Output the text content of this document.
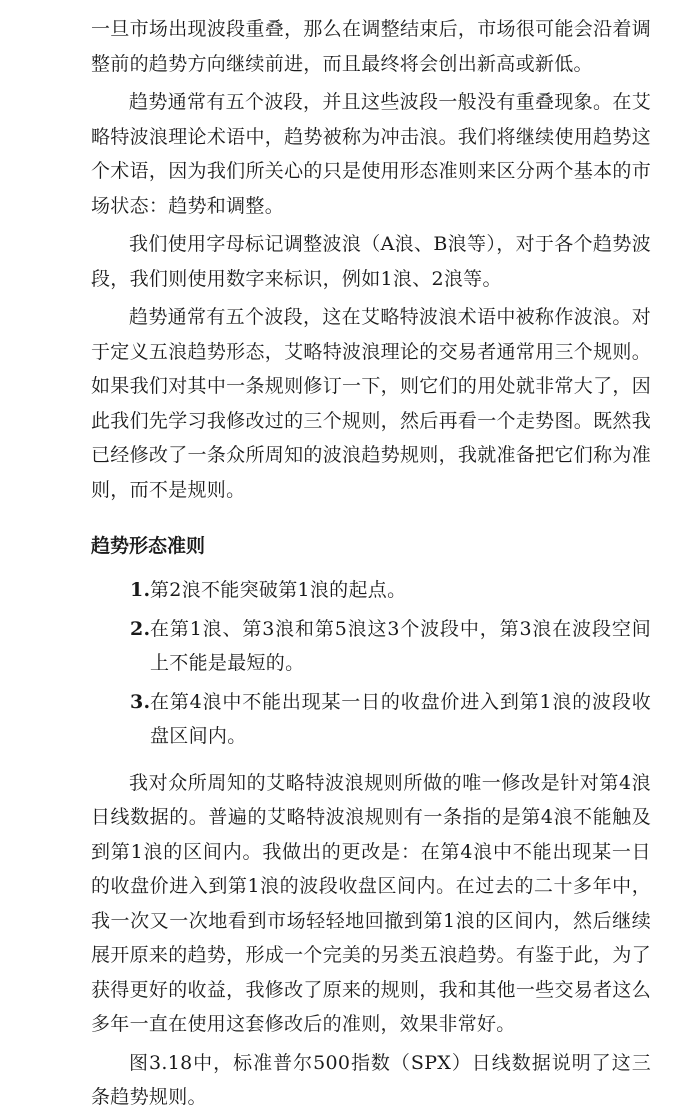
一旦市场出现波段重叠，那么在调整结束后，市场很可能会沿着调整前的趋势方向继续前进，而且最终将会创出新高或新低。

趋势通常有五个波段，并且这些波段一般没有重叠现象。在艾略特波浪理论术语中，趋势被称为冲击浪。我们将继续使用趋势这个术语，因为我们所关心的只是使用形态准则来区分两个基本的市场状态：趋势和调整。

我们使用字母标记调整波浪（A浪、B浪等），对于各个趋势波段，我们则使用数字来标识，例如1浪、2浪等。

趋势通常有五个波段，这在艾略特波浪术语中被称作波浪。对于定义五浪趋势形态，艾略特波浪理论的交易者通常用三个规则。如果我们对其中一条规则修订一下，则它们的用处就非常大了，因此我们先学习我修改过的三个规则，然后再看一个走势图。既然我已经修改了一条众所周知的波浪趋势规则，我就准备把它们称为准则，而不是规则。

趋势形态准则
1. 第2浪不能突破第1浪的起点。
2. 在第1浪、第3浪和第5浪这3个波段中，第3浪在波段空间上不能是最短的。
3. 在第4浪中不能出现某一日的收盘价进入到第1浪的波段收盘区间内。

我对众所周知的艾略特波浪规则所做的唯一修改是针对第4浪日线数据的。普遍的艾略特波浪规则有一条指的是第4浪不能触及到第1浪的区间内。我做出的更改是：在第4浪中不能出现某一日的收盘价进入到第1浪的波段收盘区间内。在过去的二十多年中，我一次又一次地看到市场轻轻地回撤到第1浪的区间内，然后继续展开原来的趋势，形成一个完美的另类五浪趋势。有鉴于此，为了获得更好的收益，我修改了原来的规则，我和其他一些交易者这么多年一直在使用这套修改后的准则，效果非常好。

图3.18中，标准普尔500指数（SPX）日线数据说明了这三条趋势规则。
